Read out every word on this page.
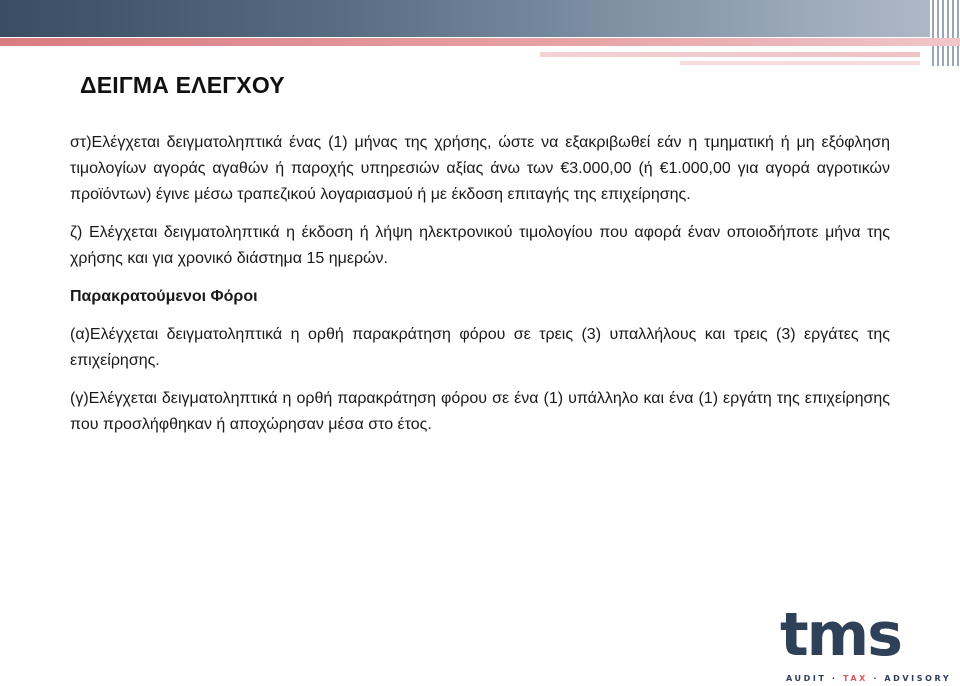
ΔΕΙΓΜΑ ΕΛΕΓΧΟΥ

στ)Ελέγχεται δειγματοληπτικά ένας (1) μήνας της χρήσης, ώστε να εξακριβωθεί εάν η τμηματική ή μη εξόφληση τιμολογίων αγοράς αγαθών ή παροχής υπηρεσιών αξίας άνω των €3.000,00 (ή €1.000,00 για αγορά αγροτικών προϊόντων) έγινε μέσω τραπεζικού λογαριασμού ή με έκδοση επιταγής της επιχείρησης.

ζ) Ελέγχεται δειγματοληπτικά η έκδοση ή λήψη ηλεκτρονικού τιμολογίου που αφορά έναν οποιοδήποτε μήνα της χρήσης και για χρονικό διάστημα 15 ημερών.

Παρακρατούμενοι Φόροι

(α)Ελέγχεται δειγματοληπτικά η ορθή παρακράτηση φόρου σε τρεις (3) υπαλλήλους και τρεις (3) εργάτες της επιχείρησης.

(γ)Ελέγχεται δειγματοληπτικά η ορθή παρακράτηση φόρου σε ένα (1) υπάλληλο και ένα (1) εργάτη της επιχείρησης που προσλήφθηκαν ή αποχώρησαν μέσα στο έτος.

tms
AUDIT · TAX · ADVISORY
